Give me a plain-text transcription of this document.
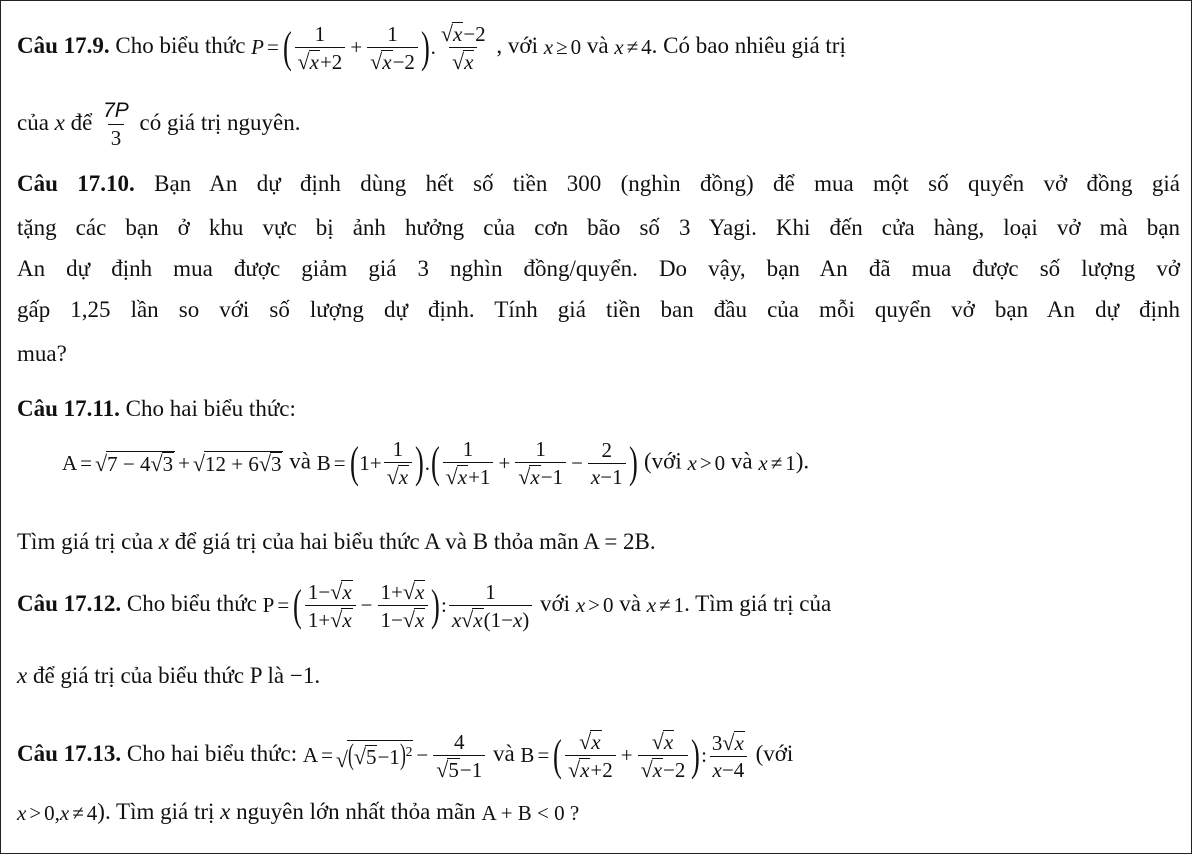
Câu 17.9. Cho biểu thức P = ( $\frac{1}{√ x +2} + \frac{1}{√ x -2}$ ) . $\frac{√ x -2}{√ x}$ , với x ≥ 0 và x ≠ 4. Có bao nhiêu giá trị
của x để $\frac{7P}{3}$ có giá trị nguyên.
Câu 17.10. Bạn An dự định dùng hết số tiền 300 (nghìn đồng) để mua một số quyển vở đồng giá
tặng các bạn ở khu vực bị ảnh hưởng của cơn bão số 3 Yagi. Khi đến cửa hàng, loại vở mà bạn
An dự định mua được giảm giá 3 nghìn đồng/quyển. Do vậy, bạn An đã mua được số lượng vở
gấp 1,25 lần so với số lượng dự định. Tính giá tiền ban đầu của mỗi quyển vở bạn An dự định
mua?
Câu 17.11. Cho hai biểu thức:
A = √ 7 − 4 √ 3 + √ 12 + 6 √ 3 và B = ( $1+ \frac{1}{√ x}$ ) . ( $\frac{1}{√ x +1} + \frac{1}{√ x -1} - \frac{2}{x-1}$ ) (với x > 0 và x ≠ 1).
Tìm giá trị của x để giá trị của hai biểu thức A và B thỏa mãn A = 2B.
Câu 17.12. Cho biểu thức P = ( $\frac{1- √ x}{1+ √ x} - \frac{1+ √ x}{1- √ x}$ ) : $\frac{1}{x √ x (1-x)}$ với x > 0 và x ≠ 1. Tìm giá trị của
x để giá trị của biểu thức P là −1.
Câu 17.13. Cho hai biểu thức: A = √ ( √ $5 -1)^2 - \frac{4}{√ 5 -1}$ và B = ( $\frac{√ x}{√ x +2} + \frac{√ x}{√ x -2}$ ) : $\frac{3 √ x}{x-4}$ (với
x > 0, x ≠ 4). Tìm giá trị x nguyên lớn nhất thỏa mãn A + B < 0 ?
